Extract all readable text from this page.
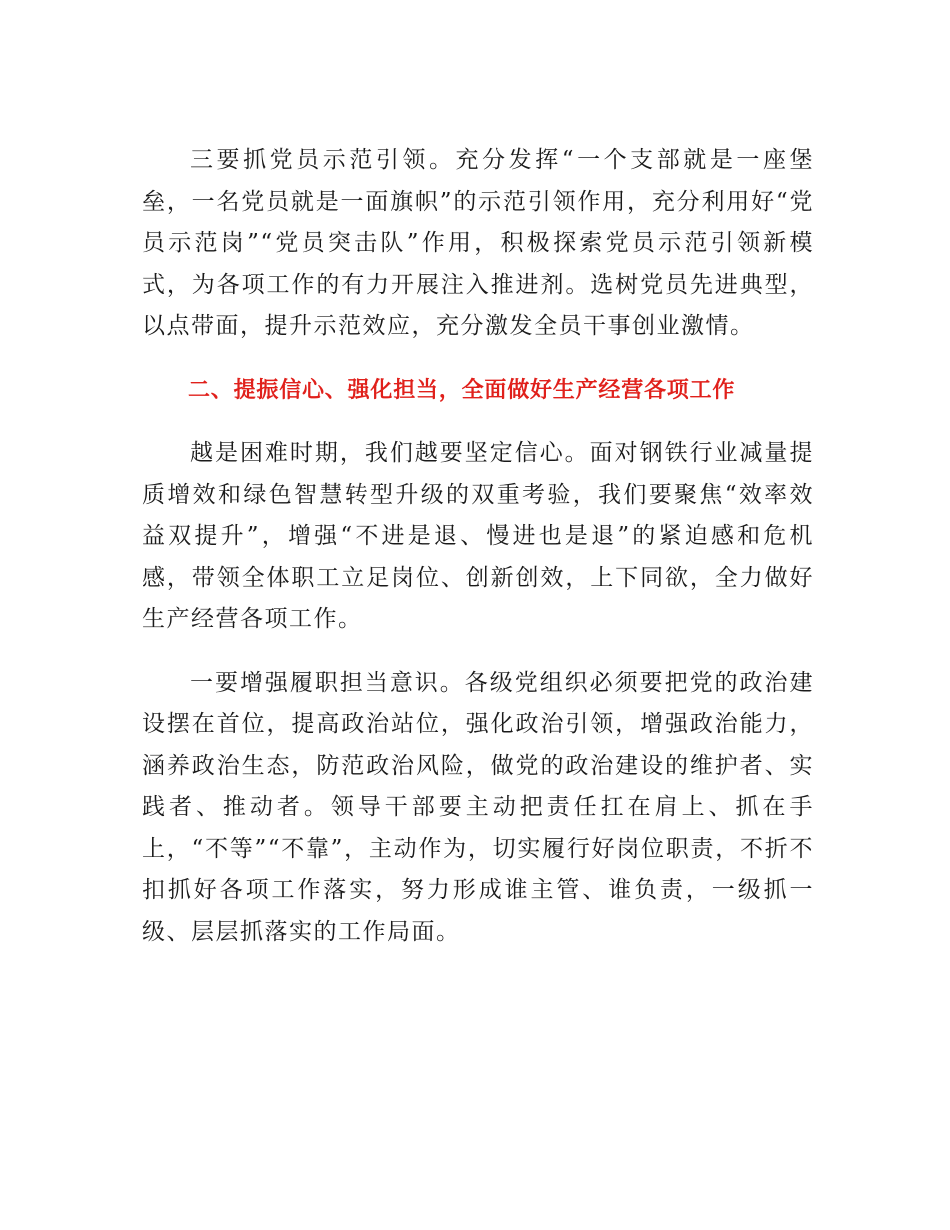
三要抓党员示范引领。充分发挥“一个支部就是一座堡垒，一名党员就是一面旗帜”的示范引领作用，充分利用好“党员示范岗”“党员突击队”作用，积极探索党员示范引领新模式，为各项工作的有力开展注入推进剂。选树党员先进典型，以点带面，提升示范效应，充分激发全员干事创业激情。

二、提振信心、强化担当，全面做好生产经营各项工作

越是困难时期，我们越要坚定信心。面对钢铁行业减量提质增效和绿色智慧转型升级的双重考验，我们要聚焦“效率效益双提升”，增强“不进是退、慢进也是退”的紧迫感和危机感，带领全体职工立足岗位、创新创效，上下同欲，全力做好生产经营各项工作。

一要增强履职担当意识。各级党组织必须要把党的政治建设摆在首位，提高政治站位，强化政治引领，增强政治能力，涵养政治生态，防范政治风险，做党的政治建设的维护者、实践者、推动者。领导干部要主动把责任扛在肩上、抓在手上，“不等”“不靠”，主动作为，切实履行好岗位职责，不折不扣抓好各项工作落实，努力形成谁主管、谁负责，一级抓一级、层层抓落实的工作局面。
